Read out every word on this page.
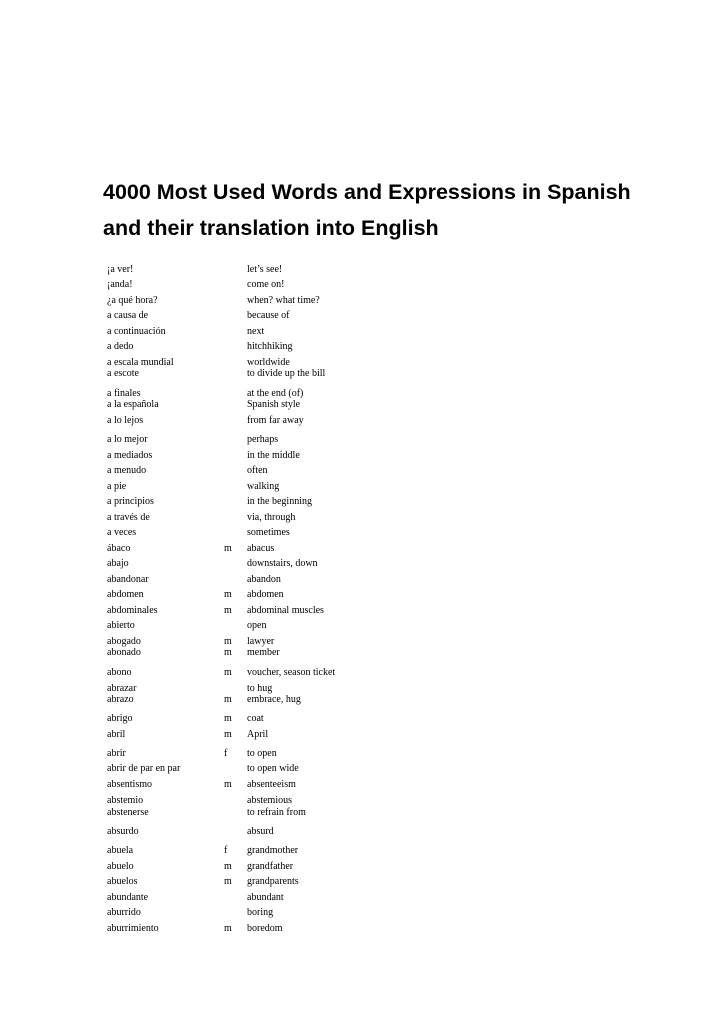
4000 Most Used Words and Expressions in Spanish
and their translation into English
¡a ver!	let’s see!
¡anda!	come on!
¿a qué hora?	when? what time?
a causa de	because of
a continuación	next
a dedo	hitchhiking
a escala mundial	worldwide
a escote	to divide up the bill
a finales	at the end (of)
a la española	Spanish style
a lo lejos	from far away
a lo mejor	perhaps
a mediados	in the middle
a menudo	often
a pie	walking
a principios	in the beginning
a través de	via, through
a veces	sometimes
ábaco	m abacus
abajo	downstairs, down
abandonar	abandon
abdomen	m abdomen
abdominales	m abdominal muscles
abierto	open
abogado	m lawyer
abonado	m member
abono	m voucher, season ticket
abrazar	to hug
abrazo	m embrace, hug
abrigo	m coat
abril	m April
abrir	f to open
abrir de par en par	to open wide
absentismo	m absenteeism
abstemio	abstemious
abstenerse	to refrain from
absurdo	absurd
abuela	f grandmother
abuelo	m grandfather
abuelos	m grandparents
abundante	abundant
aburrido	boring
aburrimiento	m boredom
